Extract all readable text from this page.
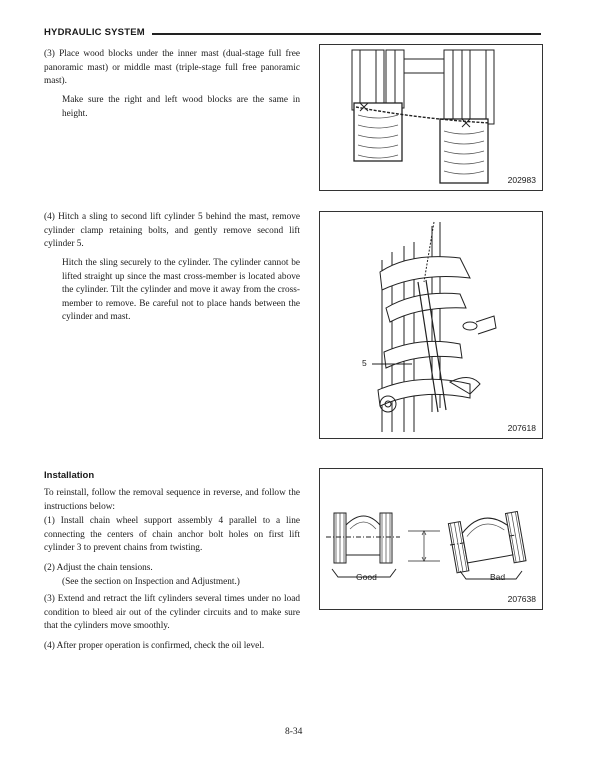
HYDRAULIC SYSTEM
(3) Place wood blocks under the inner mast (dual-stage full free panoramic mast) or middle mast (triple-stage full free panoramic mast).
Make sure the right and left wood blocks are the same in height.
202983
(4) Hitch a sling to second lift cylinder 5 behind the mast, remove cylinder clamp retaining bolts, and gently remove second lift cylinder 5.
Hitch the sling securely to the cylinder. The cylinder cannot be lifted straight up since the mast cross-member is located above the cylinder. Tilt the cylinder and move it away from the cross-member to remove. Be careful not to place hands between the cylinder and mast.
5
207618
Installation
To reinstall, follow the removal sequence in reverse, and follow the instructions below:
(1) Install chain wheel support assembly 4 parallel to a line connecting the centers of chain anchor bolt holes on first lift cylinder 3 to prevent chains from twisting.
(2) Adjust the chain tensions.
(See the section on Inspection and Adjustment.)
(3) Extend and retract the lift cylinders several times under no load condition to bleed air out of the cylinder circuits and to make sure that the cylinders move smoothly.
(4) After proper operation is confirmed, check the oil level.
Good	Bad
207638
8-34
